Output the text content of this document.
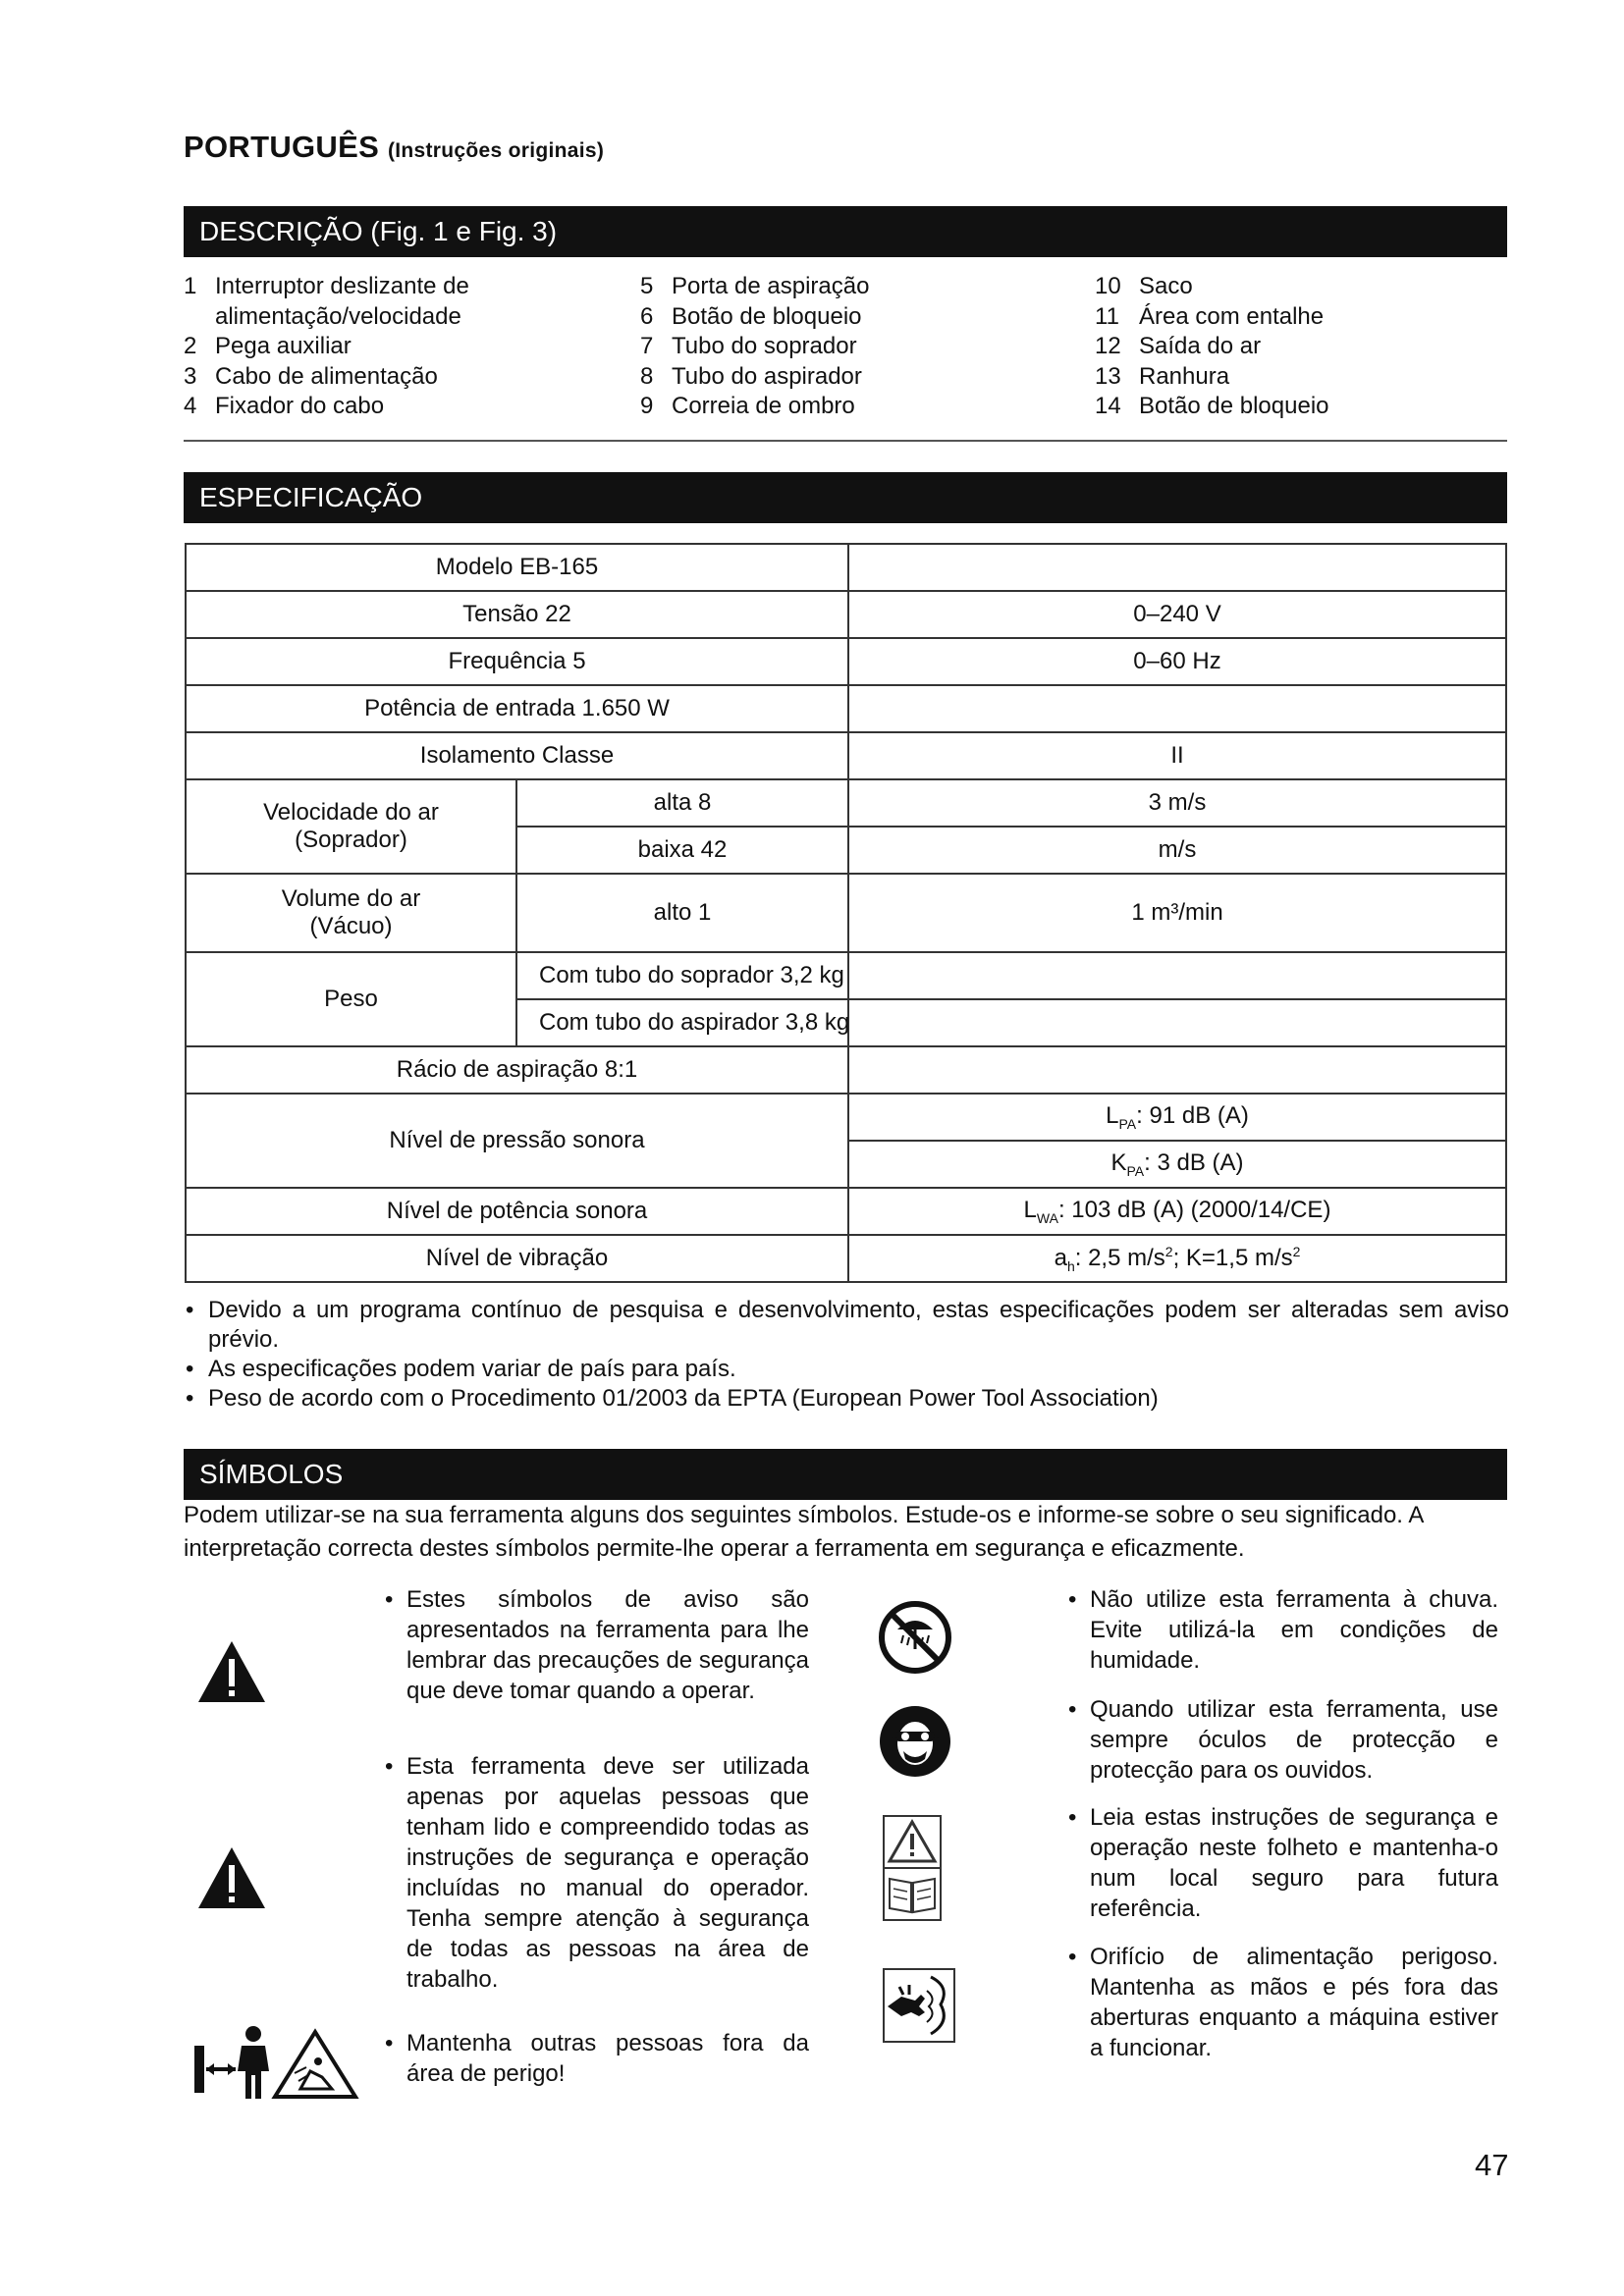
PORTUGUÊS (Instruções originais)
DESCRIÇÃO (Fig. 1 e Fig. 3)
1 Interruptor deslizante de
alimentação/velocidade
2 Pega auxiliar
3 Cabo de alimentação
4 Fixador do cabo
5 Porta de aspiração
6 Botão de bloqueio
7 Tubo do soprador
8 Tubo do aspirador
9 Correia de ombro
10 Saco
11 Área com entalhe
12 Saída do ar
13 Ranhura
14 Botão de bloqueio
ESPECIFICAÇÃO
Modelo EB-165		
Tensão 22		0–240 V
Frequência 5		0–60 Hz
Potência de entrada 1.650 W		
Isolamento Classe		II

Velocidade do ar
(Soprador)	alta 8	3 m/s
	baixa 42	m/s

Volume do ar
(Vácuo)	alto 1	1 m³/min
Peso	Com tubo do soprador 3,2 kg	
	Com tubo do aspirador 3,8 kg	
Rácio de aspiração 8:1		
Nível de pressão sonora		$L_{PA}$: 91 dB (A)
		$K_{PA}$: 3 dB (A)
Nível de potência sonora		$L_{WA}$: 103 dB (A) (2000/14/CE)
Nível de vibração		$a_h$: 2,5 $m/s^2$; K=1,5 $m/s^2$
• Devido a um programa contínuo de pesquisa e desenvolvimento, estas especificações podem ser alteradas sem aviso prévio.
• As especificações podem variar de país para país.
• Peso de acordo com o Procedimento 01/2003 da EPTA (European Power Tool Association)
SÍMBOLOS
Podem utilizar-se na sua ferramenta alguns dos seguintes símbolos. Estude-os e informe-se sobre o seu significado. A interpretação correcta destes símbolos permite-lhe operar a ferramenta em segurança e eficazmente.
• Estes símbolos de aviso são apresentados na ferramenta para lhe lembrar das precauções de segurança que deve tomar quando a operar.
• Esta ferramenta deve ser utilizada apenas por aquelas pessoas que tenham lido e compreendido todas as instruções de segurança e operação incluídas no manual do operador. Tenha sempre atenção à segurança de todas as pessoas na área de trabalho.
• Mantenha outras pessoas fora da área de perigo!
• Não utilize esta ferramenta à chuva. Evite utilizá-la em condições de humidade.
• Quando utilizar esta ferramenta, use sempre óculos de protecção e protecção para os ouvidos.
• Leia estas instruções de segurança e operação neste folheto e mantenha-o num local seguro para futura referência.
• Orifício de alimentação perigoso. Mantenha as mãos e pés fora das aberturas enquanto a máquina estiver a funcionar.
47
